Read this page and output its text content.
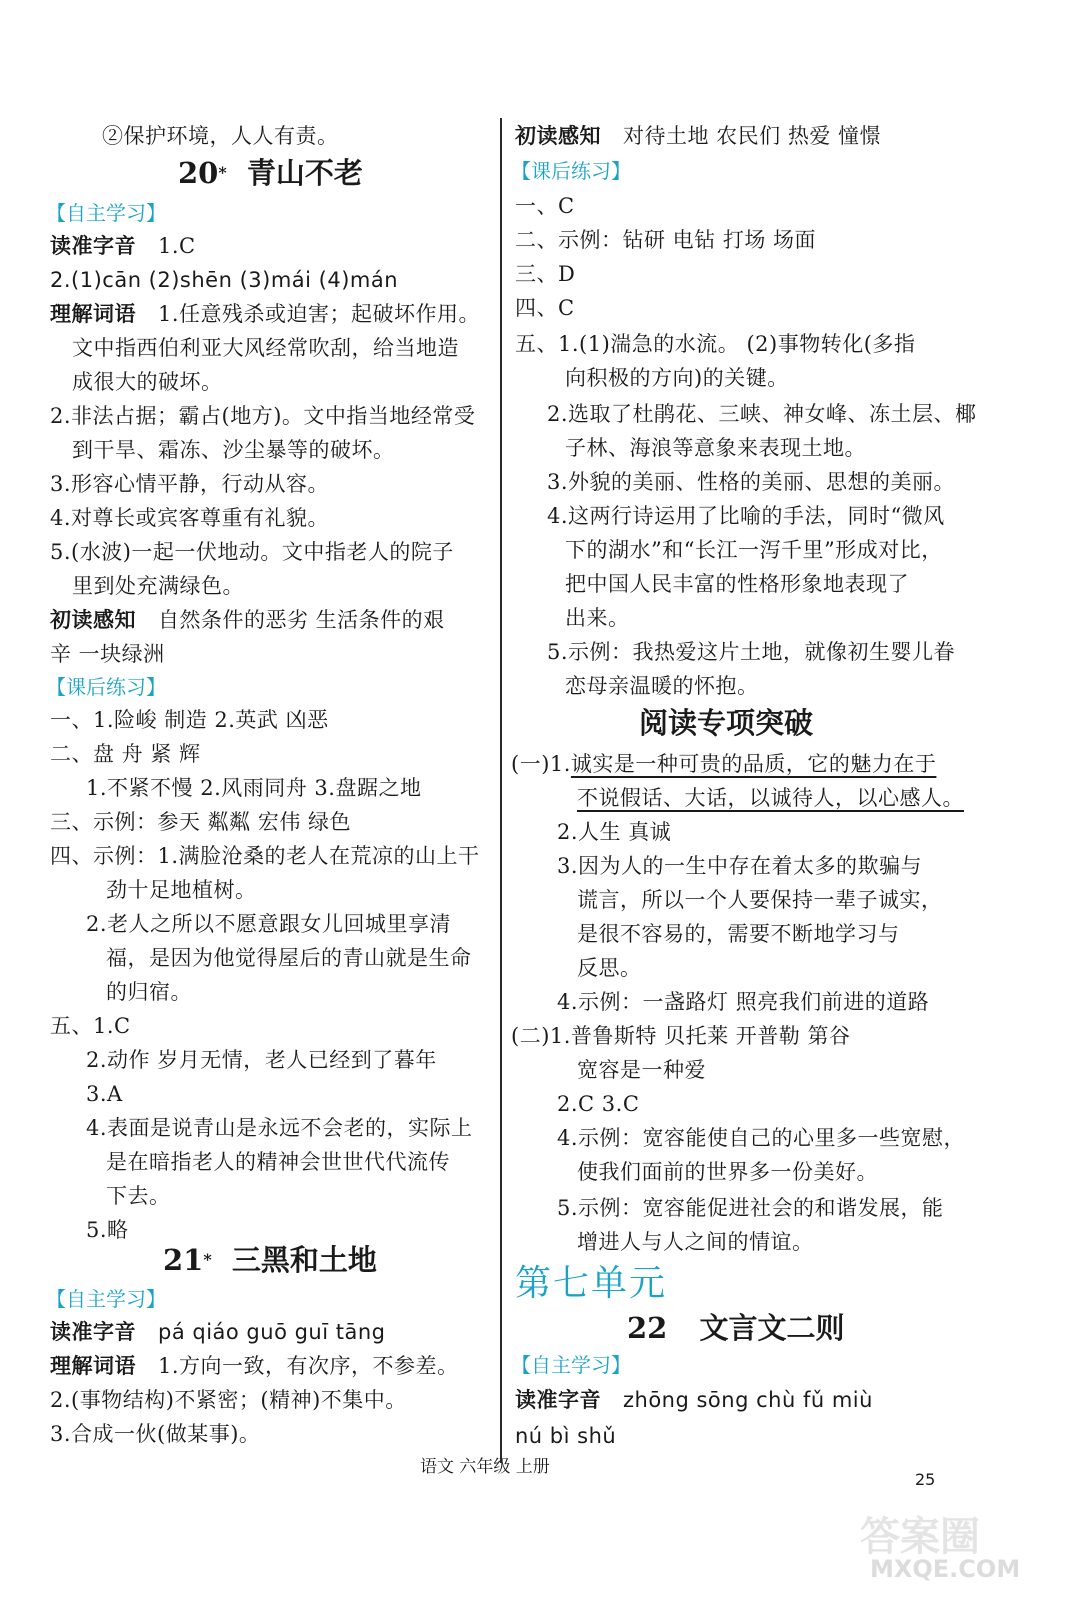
②保护环境，人人有责。
20* 青山不老
【自主学习】
读准字音 1.C
2.(1)cān (2)shēn (3)mái (4)mán
理解词语 1.任意残杀或迫害；起破坏作用。
文中指西伯利亚大风经常吹刮，给当地造
成很大的破坏。
2.非法占据；霸占(地方)。文中指当地经常受
到干旱、霜冻、沙尘暴等的破坏。
3.形容心情平静，行动从容。
4.对尊长或宾客尊重有礼貌。
5.(水波)一起一伏地动。文中指老人的院子
里到处充满绿色。
初读感知 自然条件的恶劣 生活条件的艰
辛 一块绿洲
【课后练习】
一、1.险峻 制造 2.英武 凶恶
二、盘 舟 紧 辉
1.不紧不慢 2.风雨同舟 3.盘踞之地
三、示例：参天 粼粼 宏伟 绿色
四、示例：1.满脸沧桑的老人在荒凉的山上干
劲十足地植树。
2.老人之所以不愿意跟女儿回城里享清
福，是因为他觉得屋后的青山就是生命
的归宿。
五、1.C
2.动作 岁月无情，老人已经到了暮年
3.A
4.表面是说青山是永远不会老的，实际上
是在暗指老人的精神会世世代代流传
下去。
5.略
21* 三黑和土地
【自主学习】
读准字音 pá qiáo guō guī tāng
理解词语 1.方向一致，有次序，不参差。
2.(事物结构)不紧密；(精神)不集中。
3.合成一伙(做某事)。
初读感知 对待土地 农民们 热爱 憧憬
【课后练习】
一、C
二、示例：钻研 电钻 打场 场面
三、D
四、C
五、1.(1)湍急的水流。 (2)事物转化(多指
向积极的方向)的关键。
2.选取了杜鹃花、三峡、神女峰、冻土层、椰
子林、海浪等意象来表现土地。
3.外貌的美丽、性格的美丽、思想的美丽。
4.这两行诗运用了比喻的手法，同时“微风
下的湖水”和“长江一泻千里”形成对比，
把中国人民丰富的性格形象地表现了
出来。
5.示例：我热爱这片土地，就像初生婴儿眷
恋母亲温暖的怀抱。
阅读专项突破
(一)1.诚实是一种可贵的品质，它的魅力在于
不说假话、大话，以诚待人，以心感人。
2.人生 真诚
3.因为人的一生中存在着太多的欺骗与
谎言，所以一个人要保持一辈子诚实，
是很不容易的，需要不断地学习与
反思。
4.示例：一盏路灯 照亮我们前进的道路
(二)1.普鲁斯特 贝托莱 开普勒 第谷
宽容是一种爱
2.C 3.C
4.示例：宽容能使自己的心里多一些宽慰，
使我们面前的世界多一份美好。
5.示例：宽容能促进社会的和谐发展，能
增进人与人之间的情谊。
第七单元
22 文言文二则
【自主学习】
读准字音 zhōng sōng chù fǔ miù
nú bì shǔ
语文 六年级 上册
25
答案圈
MXQE.COM
